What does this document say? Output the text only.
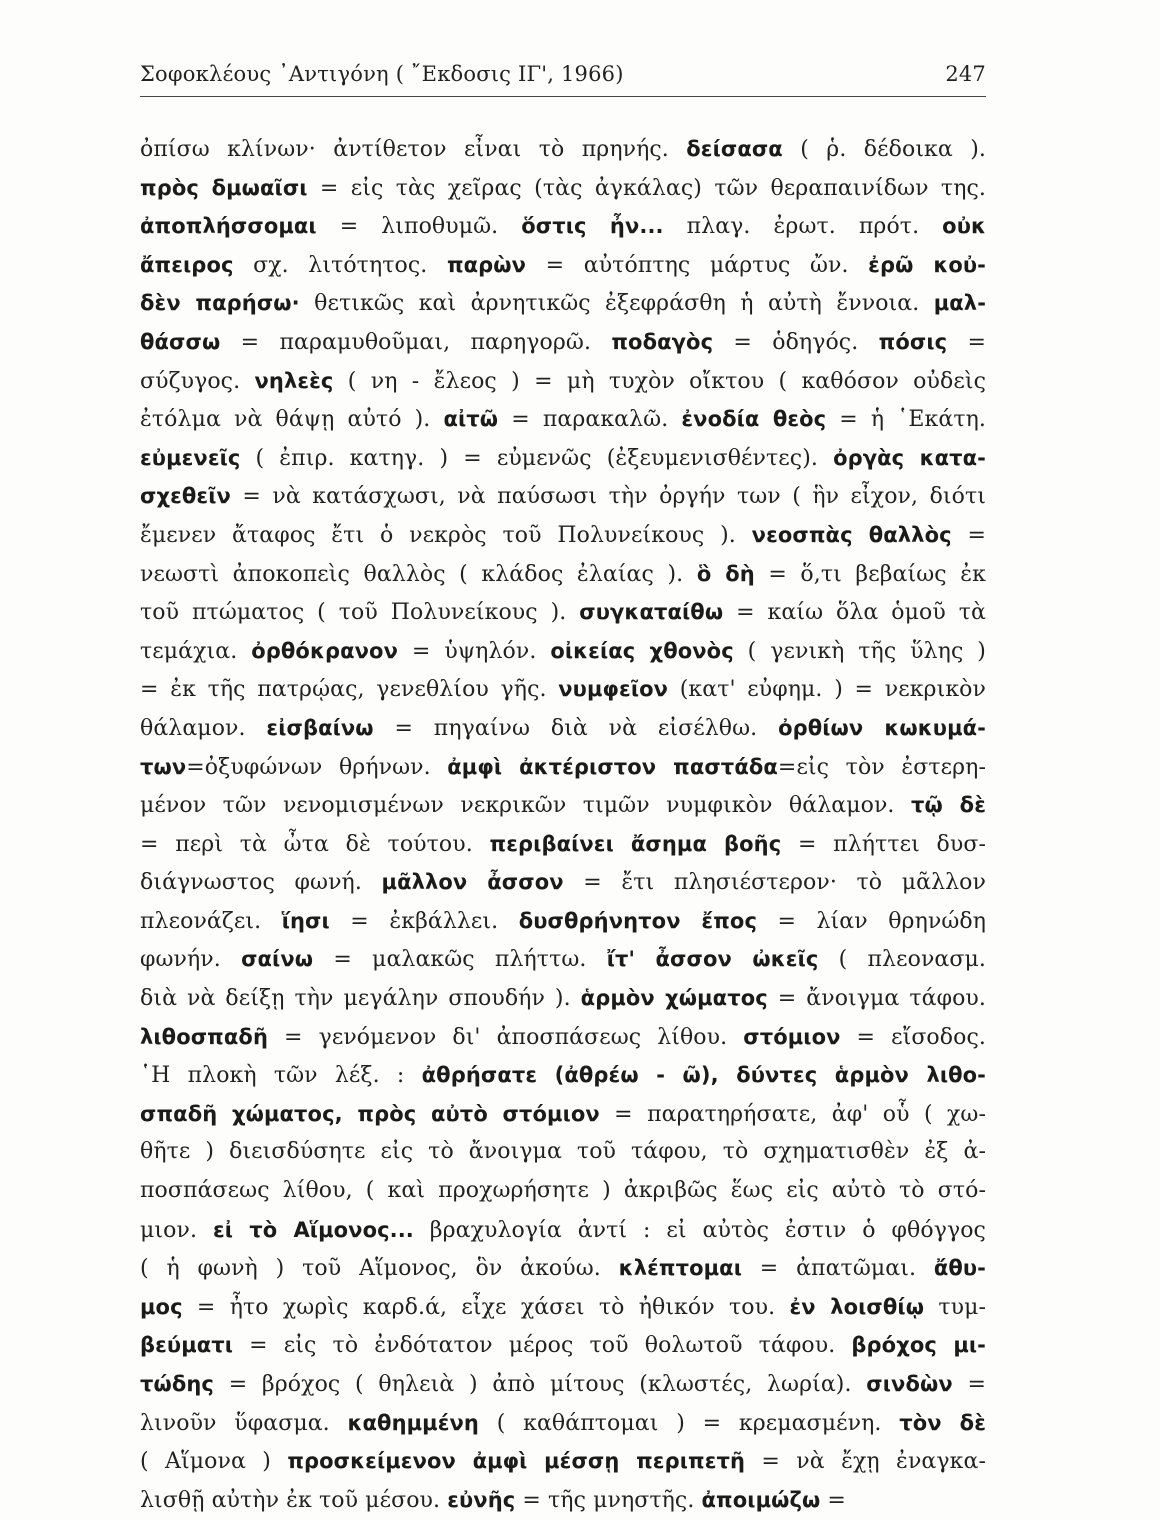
Σοφοκλέους ᾿Αντιγόνη ( ῎Εκδοσις ΙΓ', 1966)	247
ὀπίσω κλίνων· ἀντίθετον εἶναι τὸ πρηνής. δείσασα ( ῥ. δέδοικα ).
πρὸς δμωαῖσι = εἰς τὰς χεῖρας (τὰς ἀγκάλας) τῶν θεραπαινίδων της.
ἀποπλήσσομαι = λιποθυμῶ. ὅστις ἦν... πλαγ. ἐρωτ. πρότ. οὐκ
ἄπειρος σχ. λιτότητος. παρὼν = αὐτόπτης μάρτυς ὤν. ἐρῶ κοὐ-
δὲν παρήσω· θετικῶς καὶ ἀρνητικῶς ἐξεφράσθη ἡ αὐτὴ ἔννοια. μαλ-
θάσσω = παραμυθοῦμαι, παρηγορῶ. ποδαγὸς = ὁδηγός. πόσις =
σύζυγος. νηλεὲς ( νη - ἔλεος ) = μὴ τυχὸν οἴκτου ( καθόσον οὐδεὶς
ἐτόλμα νὰ θάψῃ αὐτό ). αἰτῶ = παρακαλῶ. ἐνοδία θεὸς = ἡ ῾Εκάτη.
εὐμενεῖς ( ἐπιρ. κατηγ. ) = εὐμενῶς (ἐξευμενισθέντες). ὀργὰς κατα-
σχεθεῖν = νὰ κατάσχωσι, νὰ παύσωσι τὴν ὀργήν των ( ἣν εἶχον, διότι
ἔμενεν ἄταφος ἔτι ὁ νεκρὸς τοῦ Πολυνείκους ). νεοσπὰς θαλλὸς =
νεωστὶ ἀποκοπεὶς θαλλὸς ( κλάδος ἐλαίας ). ὃ δὴ = ὅ,τι βεβαίως ἐκ
τοῦ πτώματος ( τοῦ Πολυνείκους ). συγκαταίθω = καίω ὅλα ὁμοῦ τὰ
τεμάχια. ὀρθόκρανον = ὑψηλόν. οἰκείας χθονὸς ( γενικὴ τῆς ὕλης )
= ἐκ τῆς πατρῴας, γενεθλίου γῆς. νυμφεῖον (κατ' εὐφημ. ) = νεκρικὸν
θάλαμον. εἰσβαίνω = πηγαίνω διὰ νὰ εἰσέλθω. ὀρθίων κωκυμά-
των=ὀξυφώνων θρήνων. ἀμφὶ ἀκτέριστον παστάδα=εἰς τὸν ἐστερη-
μένον τῶν νενομισμένων νεκρικῶν τιμῶν νυμφικὸν θάλαμον. τῷ δὲ
= περὶ τὰ ὦτα δὲ τούτου. περιβαίνει ἄσημα βοῆς = πλήττει δυσ-
διάγνωστος φωνή. μᾶλλον ἆσσον = ἔτι πλησιέστερον· τὸ μᾶλλον
πλεονάζει. ἵησι = ἐκβάλλει. δυσθρήνητον ἔπος = λίαν θρηνώδη
φωνήν. σαίνω = μαλακῶς πλήττω. ἴτ' ἆσσον ὠκεῖς ( πλεονασμ.
διὰ νὰ δείξῃ τὴν μεγάλην σπουδήν ). ἁρμὸν χώματος = ἄνοιγμα τάφου.
λιθοσπαδῆ = γενόμενον δι' ἀποσπάσεως λίθου. στόμιον = εἴσοδος.
῾Η πλοκὴ τῶν λέξ. : ἀθρήσατε (ἀθρέω - ῶ), δύντες ἁρμὸν λιθο-
σπαδῆ χώματος, πρὸς αὐτὸ στόμιον = παρατηρήσατε, ἀφ' οὗ ( χω-
θῆτε ) διεισδύσητε εἰς τὸ ἄνοιγμα τοῦ τάφου, τὸ σχηματισθὲν ἐξ ἀ-
ποσπάσεως λίθου, ( καὶ προχωρήσητε ) ἀκριβῶς ἕως εἰς αὐτὸ τὸ στό-
μιον. εἰ τὸ Αἵμονος... βραχυλογία ἀντί : εἰ αὐτὸς ἐστιν ὁ φθόγγος
( ἡ φωνὴ ) τοῦ Αἵμονος, ὃν ἀκούω. κλέπτομαι = ἀπατῶμαι. ἄθυ-
μος = ἦτο χωρὶς καρδ.ά, εἶχε χάσει τὸ ἠθικόν του. ἐν λοισθίῳ τυμ-
βεύματι = εἰς τὸ ἐνδότατον μέρος τοῦ θολωτοῦ τάφου. βρόχος μι-
τώδης = βρόχος ( θηλειὰ ) ἀπὸ μίτους (κλωστές, λωρία). σινδὼν =
λινοῦν ὕφασμα. καθημμένη ( καθάπτομαι ) = κρεμασμένη. τὸν δὲ
( Αἵμονα ) προσκείμενον ἀμφὶ μέσσῃ περιπετῆ = νὰ ἔχῃ ἐναγκα-
λισθῇ αὐτὴν ἐκ τοῦ μέσου. εὐνῆς = τῆς μνηστῆς. ἀποιμώζω =
